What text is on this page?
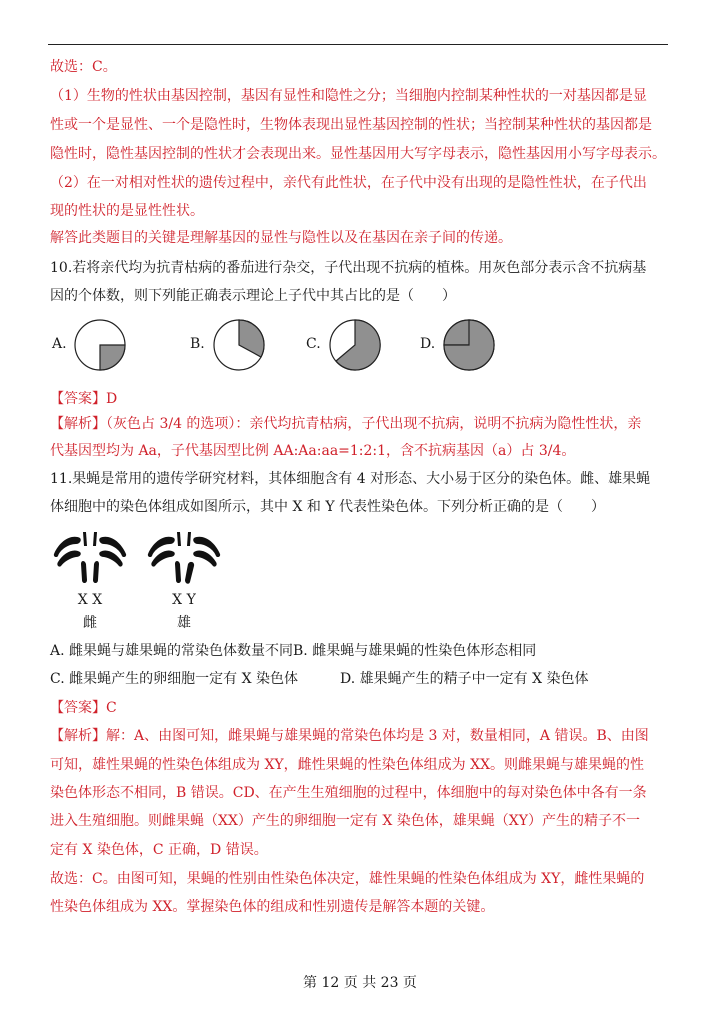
故选：C。
（1）生物的性状由基因控制，基因有显性和隐性之分；当细胞内控制某种性状的一对基因都是显
性或一个是显性、一个是隐性时，生物体表现出显性基因控制的性状；当控制某种性状的基因都是
隐性时，隐性基因控制的性状才会表现出来。显性基因用大写字母表示，隐性基因用小写字母表示。
（2）在一对相对性状的遗传过程中，亲代有此性状，在子代中没有出现的是隐性性状，在子代出
现的性状的是显性性状。
解答此类题目的关键是理解基因的显性与隐性以及在基因在亲子间的传递。
10.若将亲代均为抗青枯病的番茄进行杂交，子代出现不抗病的植株。用灰色部分表示含不抗病基
因的个体数，则下列能正确表示理论上子代中其占比的是（　　）
A.	B.	C.	D.
【答案】D
【解析】（灰色占 3/4 的选项）：亲代均抗青枯病，子代出现不抗病，说明不抗病为隐性性状，亲
代基因型均为 Aa，子代基因型比例 AA:Aa:aa=1:2:1，含不抗病基因（a）占 3/4。
11.果蝇是常用的遗传学研究材料，其体细胞含有 4 对形态、大小易于区分的染色体。雌、雄果蝇
体细胞中的染色体组成如图所示，其中 X 和 Y 代表性染色体。下列分析正确的是（　　）
X X
雌
X Y
雄
A. 雌果蝇与雄果蝇的常染色体数量不同B. 雌果蝇与雄果蝇的性染色体形态相同
C. 雌果蝇产生的卵细胞一定有 X 染色体	D. 雄果蝇产生的精子中一定有 X 染色体
【答案】C
【解析】解：A、由图可知，雌果蝇与雄果蝇的常染色体均是 3 对，数量相同，A 错误。B、由图
可知，雄性果蝇的性染色体组成为 XY，雌性果蝇的性染色体组成为 XX。则雌果蝇与雄果蝇的性
染色体形态不相同，B 错误。CD、在产生生殖细胞的过程中，体细胞中的每对染色体中各有一条
进入生殖细胞。则雌果蝇（XX）产生的卵细胞一定有 X 染色体，雄果蝇（XY）产生的精子不一
定有 X 染色体，C 正确，D 错误。
故选：C。由图可知，果蝇的性别由性染色体决定，雄性果蝇的性染色体组成为 XY，雌性果蝇的
性染色体组成为 XX。掌握染色体的组成和性别遗传是解答本题的关键。
第 12 页 共 23 页
